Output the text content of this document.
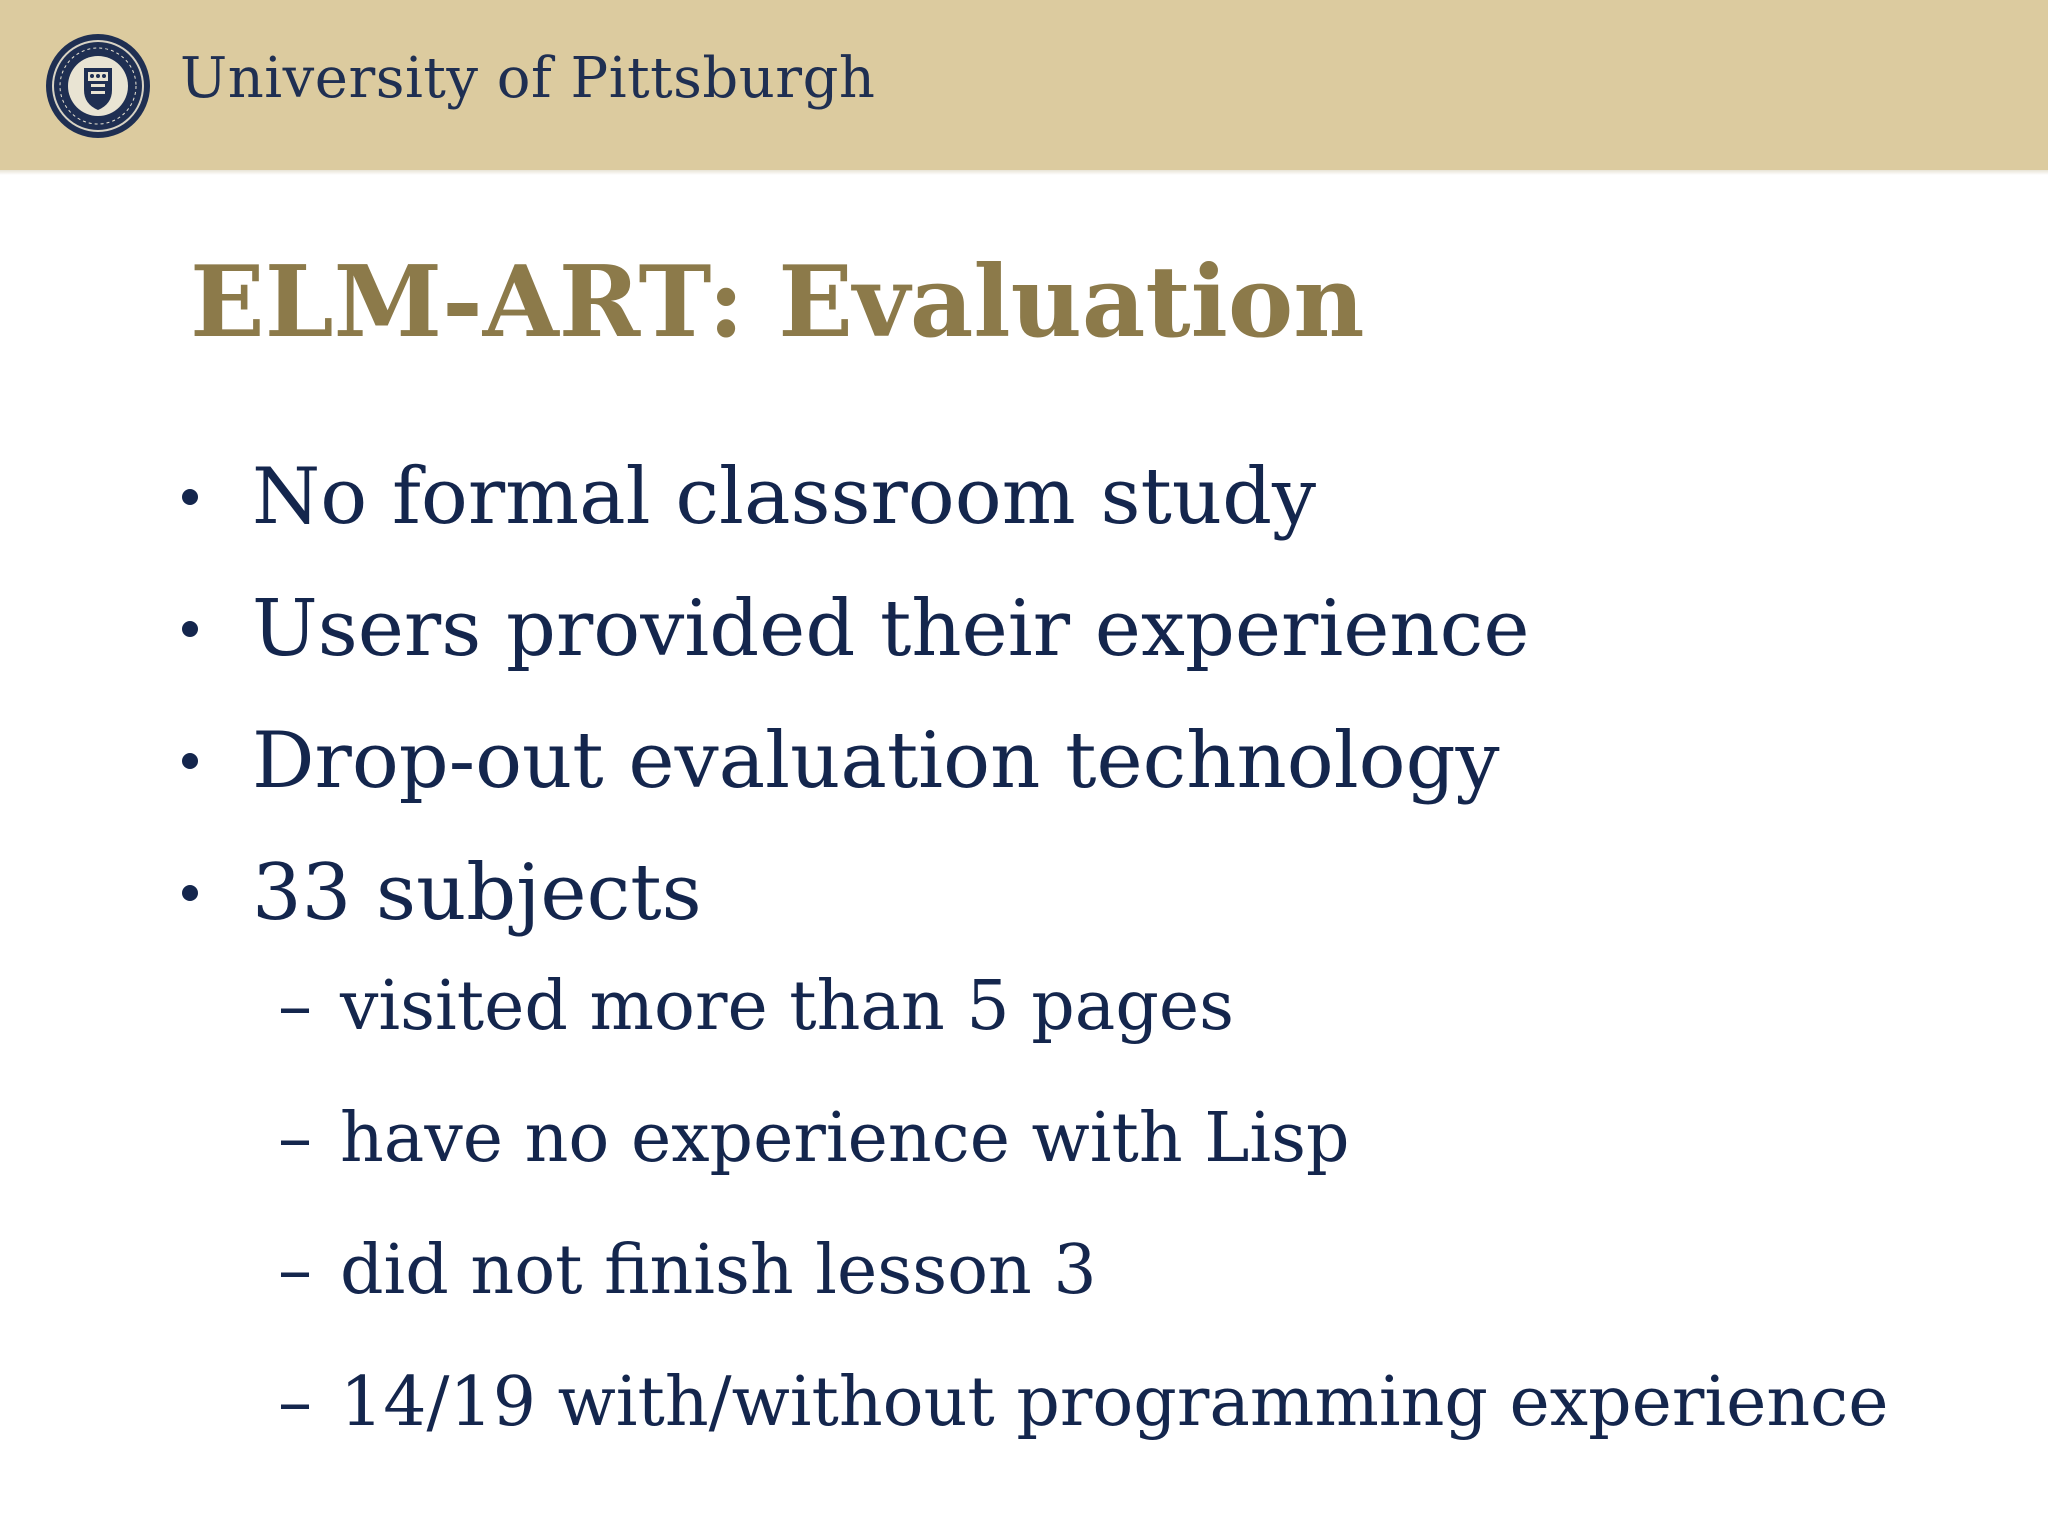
University of Pittsburgh
ELM-ART: Evaluation
No formal classroom study
Users provided their experience
Drop-out evaluation technology
33 subjects
– visited more than 5 pages
– have no experience with Lisp
– did not finish lesson 3
– 14/19 with/without programming experience
